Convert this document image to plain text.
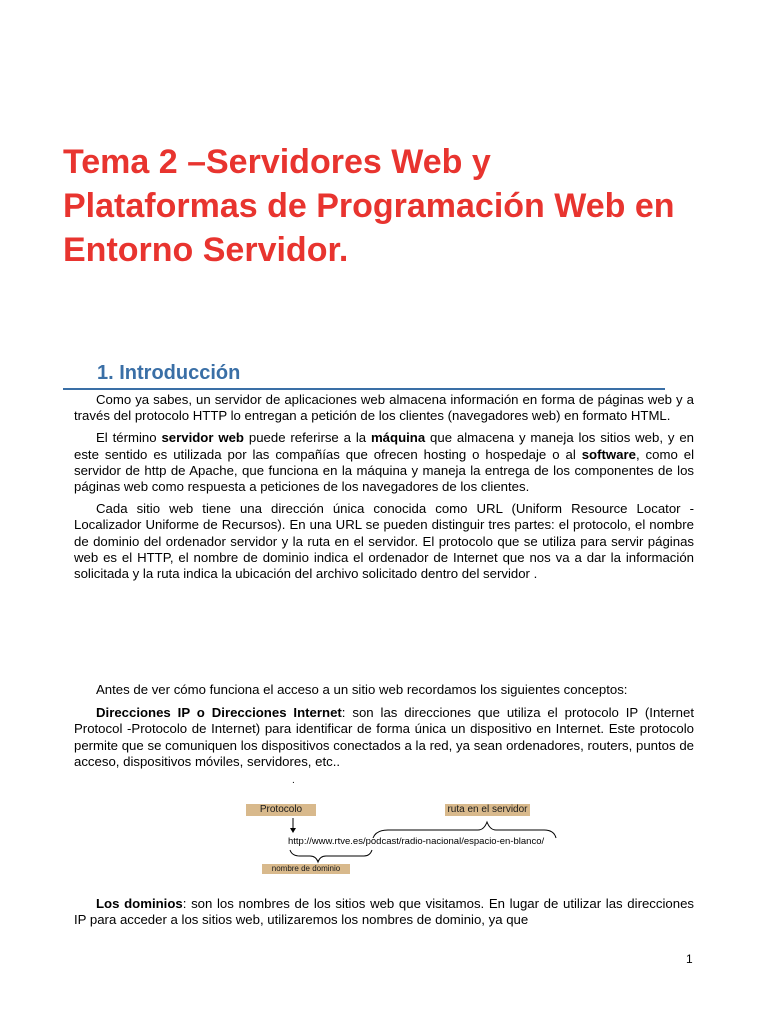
Tema 2 –Servidores Web y
Plataformas de Programación Web en
Entorno Servidor.
1. Introducción

Como ya sabes, un servidor de aplicaciones web almacena información en forma de páginas web y a través del protocolo HTTP lo entregan a petición de los clientes (navegadores web) en formato HTML.

El término servidor web puede referirse a la máquina que almacena y maneja los sitios web, y en este sentido es utilizada por las compañías que ofrecen hosting o hospedaje o al software, como el servidor de http de Apache, que funciona en la máquina y maneja la entrega de los componentes de los páginas web como respuesta a peticiones de los navegadores de los clientes.

Cada sitio web tiene una dirección única conocida como URL (Uniform Resource Locator - Localizador Uniforme de Recursos). En una URL se pueden distinguir tres partes: el protocolo, el nombre de dominio del ordenador servidor y la ruta en el servidor. El protocolo que se utiliza para servir páginas web es el HTTP, el nombre de dominio indica el ordenador de Internet que nos va a dar la información solicitada y la ruta indica la ubicación del archivo solicitado dentro del servidor .

Antes de ver cómo funciona el acceso a un sitio web recordamos los siguientes conceptos:

Direcciones IP o Direcciones Internet: son las direcciones que utiliza el protocolo IP (Internet Protocol -Protocolo de Internet) para identificar de forma única un dispositivo en Internet. Este protocolo permite que se comuniquen los dispositivos conectados a la red, ya sean ordenadores, routers, puntos de acceso, dispositivos móviles, servidores, etc..

.
Protocolo	ruta en el servidor
http://www.rtve.es/podcast/radio-nacional/espacio-en-blanco/
nombre de dominio

Los dominios: son los nombres de los sitios web que visitamos. En lugar de utilizar las direcciones IP para acceder a los sitios web, utilizaremos los nombres de dominio, ya que

1
